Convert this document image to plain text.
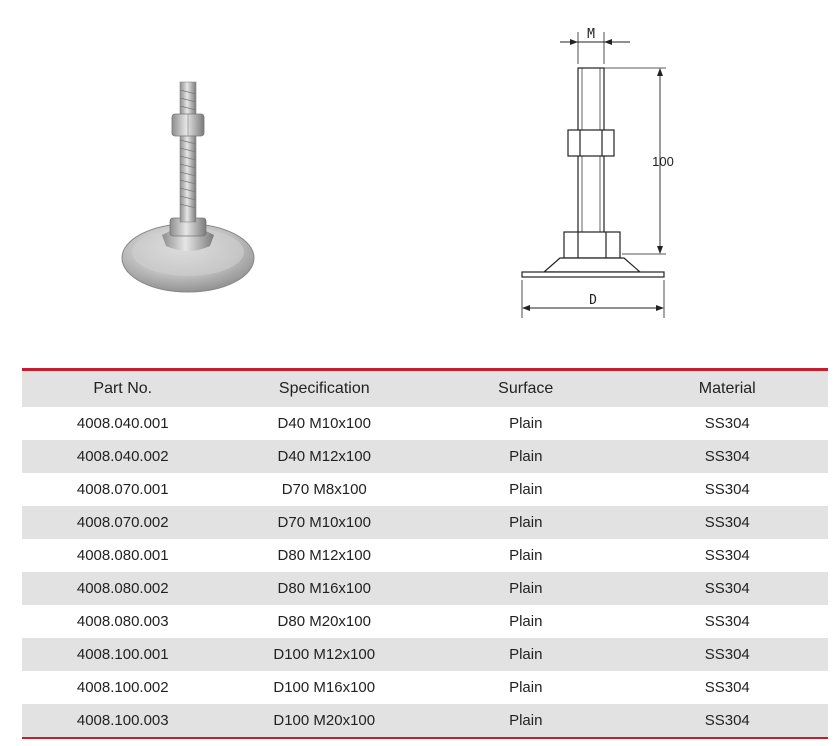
M
100
D
Part No.	Specification	Surface	Material
4008.040.001	D40 M10x100	Plain	SS304
4008.040.002	D40 M12x100	Plain	SS304
4008.070.001	D70 M8x100	Plain	SS304
4008.070.002	D70 M10x100	Plain	SS304
4008.080.001	D80 M12x100	Plain	SS304
4008.080.002	D80 M16x100	Plain	SS304
4008.080.003	D80 M20x100	Plain	SS304
4008.100.001	D100 M12x100	Plain	SS304
4008.100.002	D100 M16x100	Plain	SS304
4008.100.003	D100 M20x100	Plain	SS304
